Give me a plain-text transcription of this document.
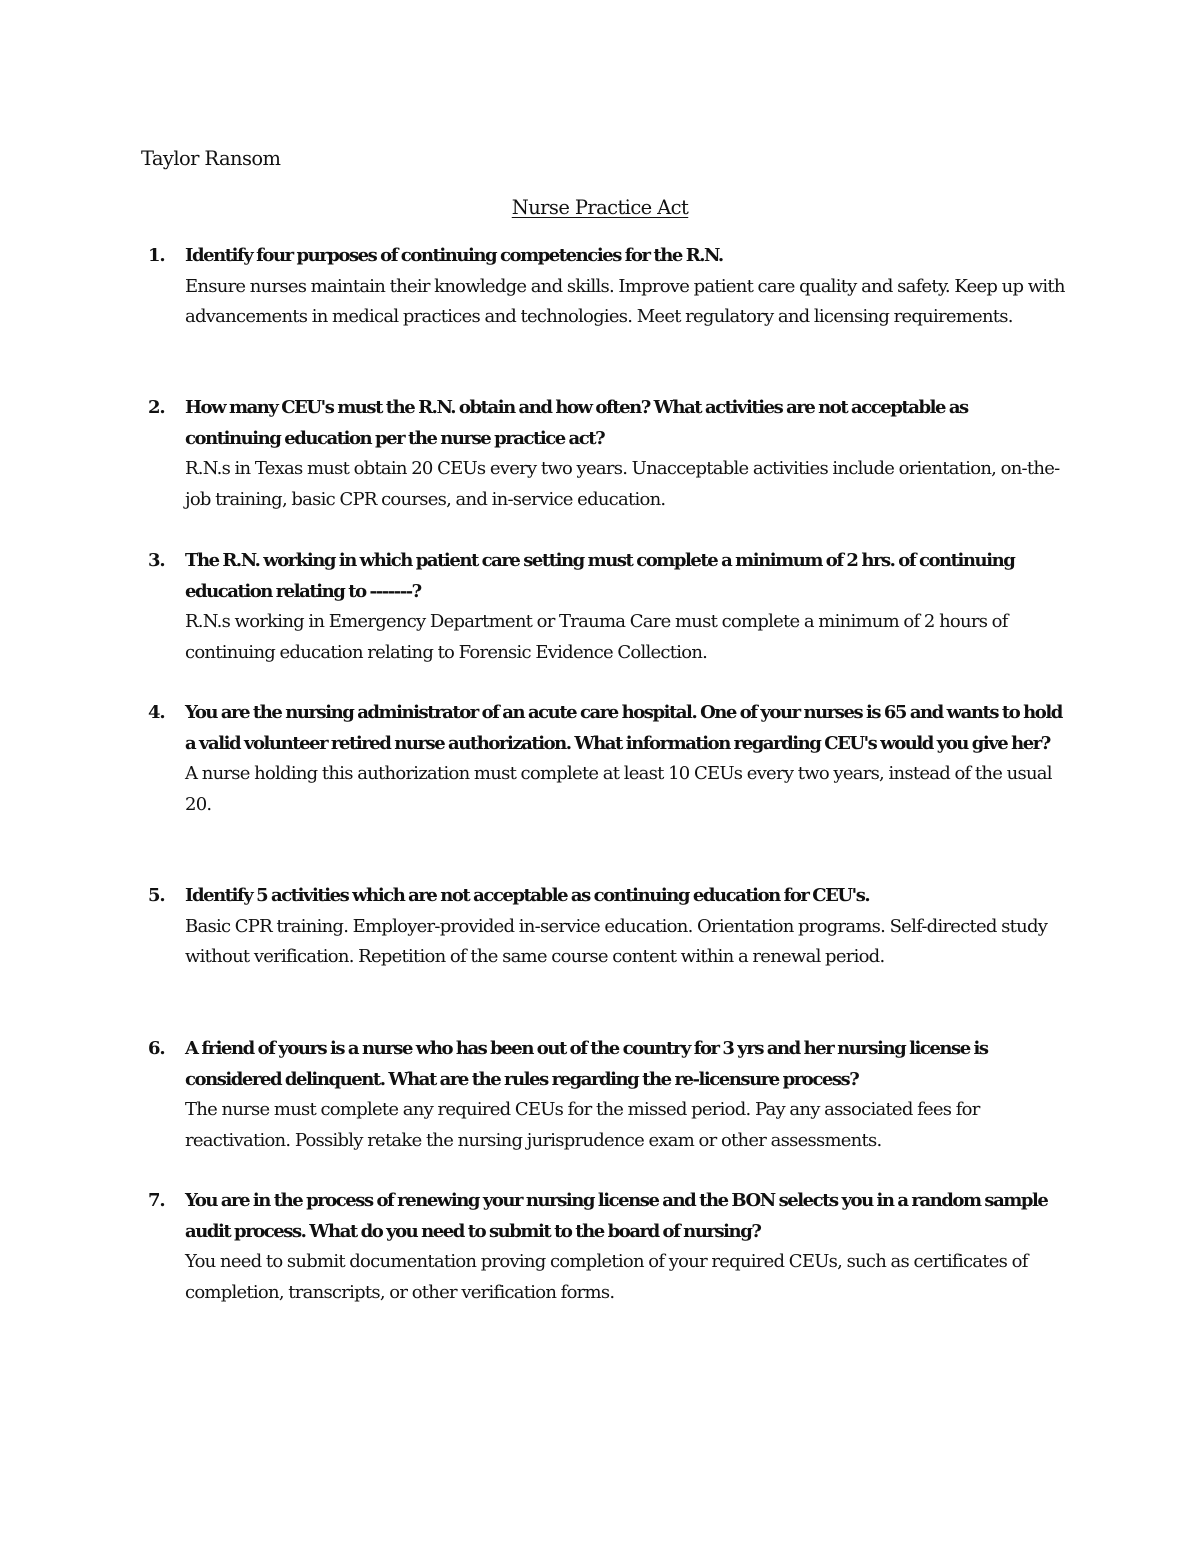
Taylor Ransom
Nurse Practice Act
1. Identify four purposes of continuing competencies for the R.N.
Ensure nurses maintain their knowledge and skills. Improve patient care quality and safety. Keep up with advancements in medical practices and technologies. Meet regulatory and licensing requirements.
2. How many CEU's must the R.N. obtain and how often? What activities are not acceptable as continuing education per the nurse practice act?
R.N.s in Texas must obtain 20 CEUs every two years. Unacceptable activities include orientation, on-the-job training, basic CPR courses, and in-service education.
3. The R.N. working in which patient care setting must complete a minimum of 2 hrs. of continuing education relating to -------?
R.N.s working in Emergency Department or Trauma Care must complete a minimum of 2 hours of continuing education relating to Forensic Evidence Collection.
4. You are the nursing administrator of an acute care hospital. One of your nurses is 65 and wants to hold a valid volunteer retired nurse authorization. What information regarding CEU's would you give her?
A nurse holding this authorization must complete at least 10 CEUs every two years, instead of the usual 20.
5. Identify 5 activities which are not acceptable as continuing education for CEU's.
Basic CPR training. Employer-provided in-service education. Orientation programs. Self-directed study without verification. Repetition of the same course content within a renewal period.
6. A friend of yours is a nurse who has been out of the country for 3 yrs and her nursing license is considered delinquent. What are the rules regarding the re-licensure process?
The nurse must complete any required CEUs for the missed period. Pay any associated fees for reactivation. Possibly retake the nursing jurisprudence exam or other assessments.
7. You are in the process of renewing your nursing license and the BON selects you in a random sample audit process. What do you need to submit to the board of nursing?
You need to submit documentation proving completion of your required CEUs, such as certificates of completion, transcripts, or other verification forms.
